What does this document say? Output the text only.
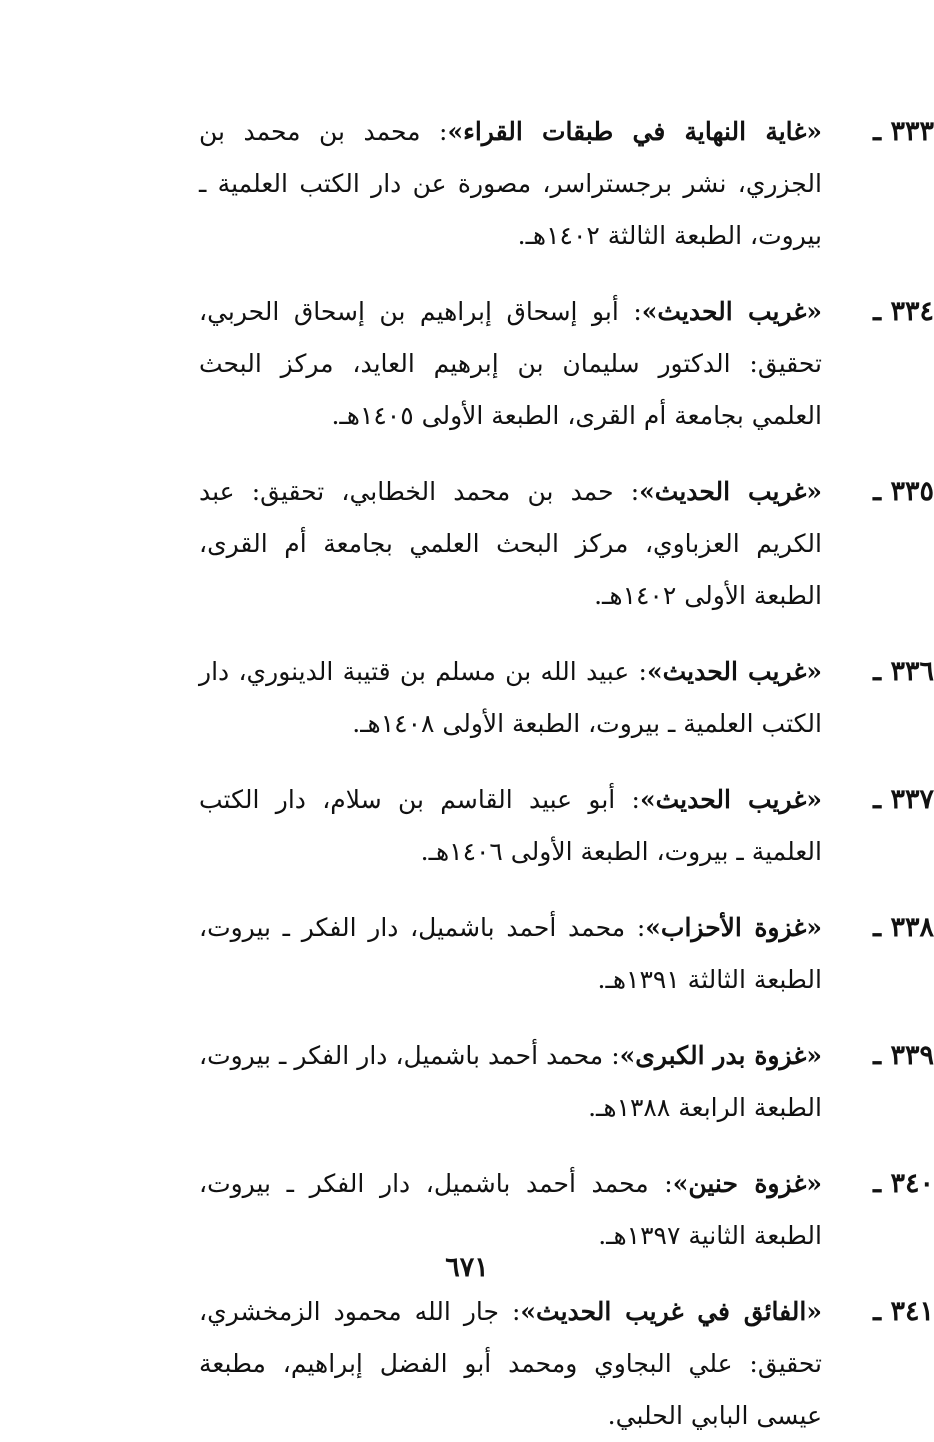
٣٣٣ ـ
«غاية النهاية في طبقات القراء»: محمد بن محمد بن الجزري، نشر برجستراسر، مصورة عن دار الكتب العلمية ـ بيروت، الطبعة الثالثة ١٤٠٢هـ.
٣٣٤ ـ
«غريب الحديث»: أبو إسحاق إبراهيم بن إسحاق الحربي، تحقيق: الدكتور سليمان بن إبرهيم العايد، مركز البحث العلمي بجامعة أم القرى، الطبعة الأولى ١٤٠٥هـ.
٣٣٥ ـ
«غريب الحديث»: حمد بن محمد الخطابي، تحقيق: عبد الكريم العزباوي، مركز البحث العلمي بجامعة أم القرى، الطبعة الأولى ١٤٠٢هـ.
٣٣٦ ـ
«غريب الحديث»: عبيد الله بن مسلم بن قتيبة الدينوري، دار الكتب العلمية ـ بيروت، الطبعة الأولى ١٤٠٨هـ.
٣٣٧ ـ
«غريب الحديث»: أبو عبيد القاسم بن سلام، دار الكتب العلمية ـ بيروت، الطبعة الأولى ١٤٠٦هـ.
٣٣٨ ـ
«غزوة الأحزاب»: محمد أحمد باشميل، دار الفكر ـ بيروت، الطبعة الثالثة ١٣٩١هـ.
٣٣٩ ـ
«غزوة بدر الكبرى»: محمد أحمد باشميل، دار الفكر ـ بيروت، الطبعة الرابعة ١٣٨٨هـ.
٣٤٠ ـ
«غزوة حنين»: محمد أحمد باشميل، دار الفكر ـ بيروت، الطبعة الثانية ١٣٩٧هـ.
٣٤١ ـ
«الفائق في غريب الحديث»: جار الله محمود الزمخشري، تحقيق: علي البجاوي ومحمد أبو الفضل إبراهيم، مطبعة عيسى البابي الحلبي.
٦٧١
